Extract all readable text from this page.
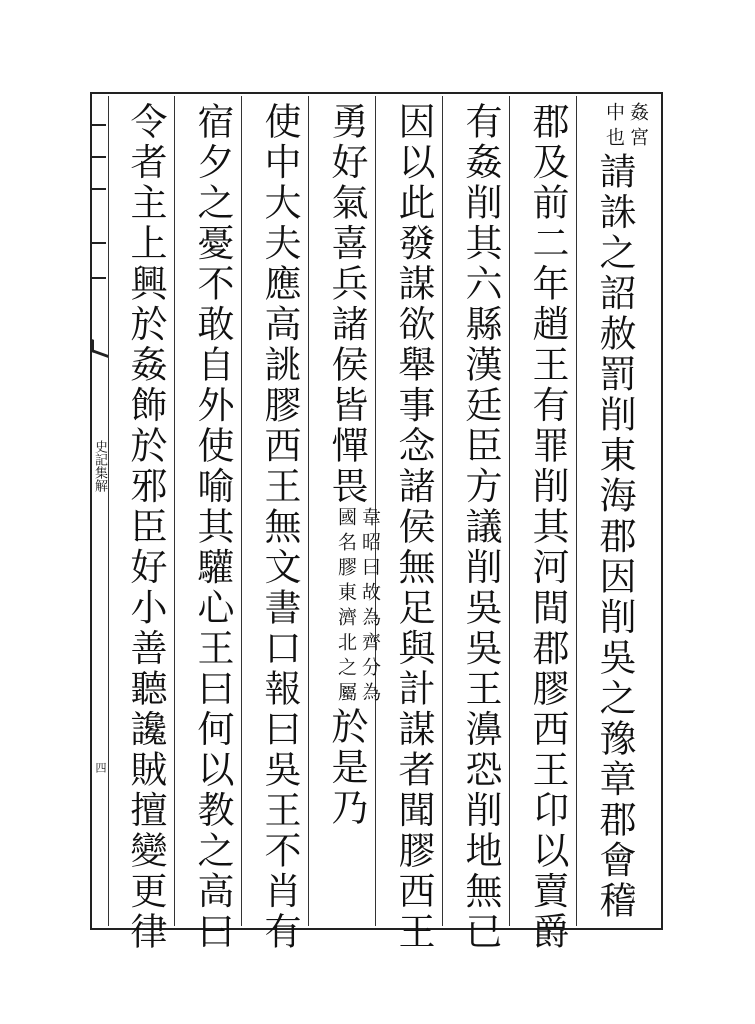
史記集解
四
姦宮
中也請誅之詔赦罰削東海郡因削吳之豫章郡會稽
郡及前二年趙王有罪削其河間郡膠西王卬以賣爵
有姦削其六縣漢廷臣方議削吳吳王濞恐削地無已
因以此發謀欲舉事念諸侯無足與計謀者聞膠西王
勇好氣喜兵諸侯皆憚畏韋昭曰故為齊分為
國名膠東濟北之屬於是乃
使中大夫應高誂膠西王無文書口報曰吳王不肖有
宿夕之憂不敢自外使喻其驩心王曰何以教之高曰
令者主上興於姦飾於邪臣好小善聽讒賊擅變更律
